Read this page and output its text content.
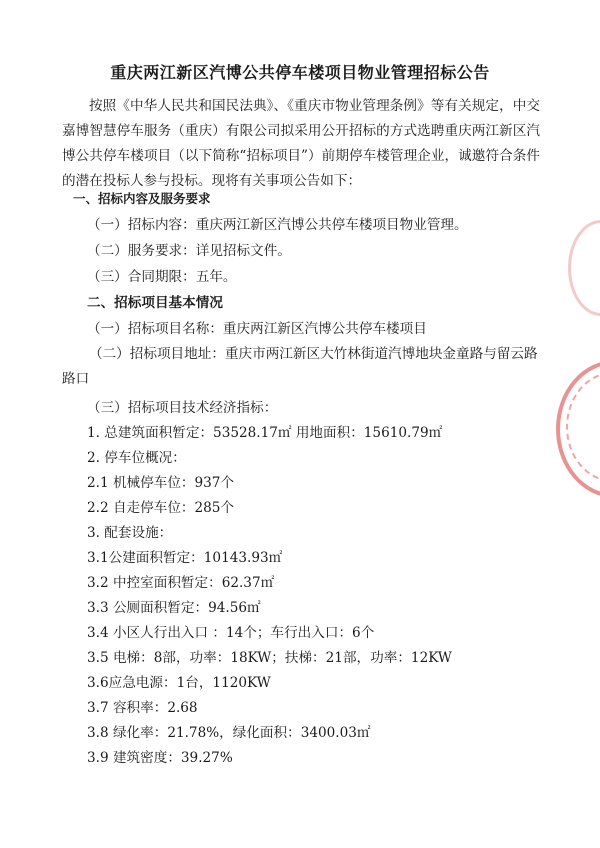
重庆两江新区汽博公共停车楼项目物业管理招标公告

按照《中华人民共和国民法典》、《重庆市物业管理条例》等有关规定，中交嘉博智慧停车服务（重庆）有限公司拟采用公开招标的方式选聘重庆两江新区汽博公共停车楼项目（以下简称“招标项目”）前期停车楼管理企业，诚邀符合条件的潜在投标人参与投标。现将有关事项公告如下：

一、招标内容及服务要求
（一）招标内容：重庆两江新区汽博公共停车楼项目物业管理。
（二）服务要求：详见招标文件。
（三）合同期限：五年。
二、招标项目基本情况
（一）招标项目名称：重庆两江新区汽博公共停车楼项目

（二）招标项目地址：重庆市两江新区大竹林街道汽博地块金童路与留云路路口

（三）招标项目技术经济指标：
1. 总建筑面积暂定：53528.17㎡ 用地面积：15610.79㎡
2. 停车位概况：
2.1 机械停车位：937个
2.2 自走停车位：285个
3. 配套设施：
3.1公建面积暂定：10143.93㎡
3.2 中控室面积暂定：62.37㎡
3.3 公厕面积暂定：94.56㎡
3.4 小区人行出入口 ：14个；车行出入口：6个
3.5 电梯：8部，功率：18KW；扶梯：21部，功率：12KW
3.6应急电源：1台，1120KW
3.7 容积率：2.68
3.8 绿化率：21.78%，绿化面积：3400.03㎡
3.9 建筑密度：39.27%
